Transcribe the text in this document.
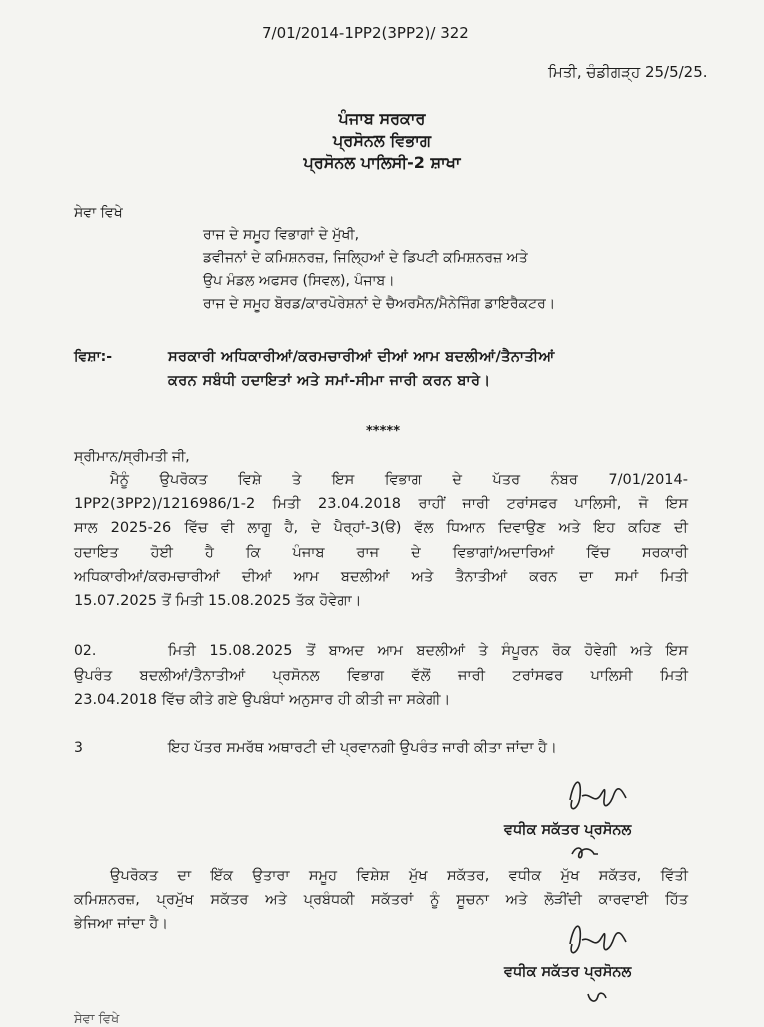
7/01/2014-1PP2(3PP2)/ 322
ਮਿਤੀ, ਚੰਡੀਗੜ੍ਹ 25/5/25.
ਪੰਜਾਬ ਸਰਕਾਰ
ਪ੍ਰਸੋਨਲ ਵਿਭਾਗ
ਪ੍ਰਸੋਨਲ ਪਾਲਿਸੀ-2 ਸ਼ਾਖਾ
ਸੇਵਾ ਵਿਖੇ
ਰਾਜ ਦੇ ਸਮੂਹ ਵਿਭਾਗਾਂ ਦੇ ਮੁੱਖੀ,
ਡਵੀਜਨਾਂ ਦੇ ਕਮਿਸ਼ਨਰਜ਼, ਜਿਲ੍ਹਿਆਂ ਦੇ ਡਿਪਟੀ ਕਮਿਸ਼ਨਰਜ਼ ਅਤੇ
ਉਪ ਮੰਡਲ ਅਫਸਰ (ਸਿਵਲ), ਪੰਜਾਬ।
ਰਾਜ ਦੇ ਸਮੂਹ ਬੋਰਡ/ਕਾਰਪੋਰੇਸ਼ਨਾਂ ਦੇ ਚੈਅਰਮੈਨ/ਮੈਨੇਜਿੰਗ ਡਾਇਰੈਕਟਰ।
ਵਿਸ਼ਾ:-	ਸਰਕਾਰੀ ਅਧਿਕਾਰੀਆਂ/ਕਰਮਚਾਰੀਆਂ ਦੀਆਂ ਆਮ ਬਦਲੀਆਂ/ਤੈਨਾਤੀਆਂ
ਕਰਨ ਸਬੰਧੀ ਹਦਾਇਤਾਂ ਅਤੇ ਸਮਾਂ-ਸੀਮਾ ਜਾਰੀ ਕਰਨ ਬਾਰੇ।
*****
ਸ੍ਰੀਮਾਨ/ਸ੍ਰੀਮਤੀ ਜੀ,
ਮੈਨੂੰ ਉਪਰੋਕਤ ਵਿਸ਼ੇ ਤੇ ਇਸ ਵਿਭਾਗ ਦੇ ਪੱਤਰ ਨੰਬਰ 7/01/2014-
1PP2(3PP2)/1216986/1-2 ਮਿਤੀ 23.04.2018 ਰਾਹੀਂ ਜਾਰੀ ਟਰਾਂਸਫਰ ਪਾਲਿਸੀ, ਜੋ ਇਸ
ਸਾਲ 2025-26 ਵਿੱਚ ਵੀ ਲਾਗੂ ਹੈ, ਦੇ ਪੈਰ੍ਹਾਂ-3(ੳ) ਵੱਲ ਧਿਆਨ ਦਿਵਾਉਣ ਅਤੇ ਇਹ ਕਹਿਣ ਦੀ
ਹਦਾਇਤ ਹੋਈ ਹੈ ਕਿ ਪੰਜਾਬ ਰਾਜ ਦੇ ਵਿਭਾਗਾਂ/ਅਦਾਰਿਆਂ ਵਿੱਚ ਸਰਕਾਰੀ
ਅਧਿਕਾਰੀਆਂ/ਕਰਮਚਾਰੀਆਂ ਦੀਆਂ ਆਮ ਬਦਲੀਆਂ ਅਤੇ ਤੈਨਾਤੀਆਂ ਕਰਨ ਦਾ ਸਮਾਂ ਮਿਤੀ
15.07.2025 ਤੋਂ ਮਿਤੀ 15.08.2025 ਤੱਕ ਹੋਵੇਗਾ।
02.	ਮਿਤੀ 15.08.2025 ਤੋਂ ਬਾਅਦ ਆਮ ਬਦਲੀਆਂ ਤੇ ਸੰਪੂਰਨ ਰੋਕ ਹੋਵੇਗੀ ਅਤੇ ਇਸ
ਉਪਰੰਤ ਬਦਲੀਆਂ/ਤੈਨਾਤੀਆਂ ਪ੍ਰਸੋਨਲ ਵਿਭਾਗ ਵੱਲੋਂ ਜਾਰੀ ਟਰਾਂਸਫਰ ਪਾਲਿਸੀ ਮਿਤੀ
23.04.2018 ਵਿੱਚ ਕੀਤੇ ਗਏ ਉਪਬੰਧਾਂ ਅਨੁਸਾਰ ਹੀ ਕੀਤੀ ਜਾ ਸਕੇਗੀ।
3	ਇਹ ਪੱਤਰ ਸਮਰੱਥ ਅਥਾਰਟੀ ਦੀ ਪ੍ਰਵਾਨਗੀ ਉਪਰੰਤ ਜਾਰੀ ਕੀਤਾ ਜਾਂਦਾ ਹੈ।
ਵਧੀਕ ਸਕੱਤਰ ਪ੍ਰਸੋਨਲ
ਉਪਰੋਕਤ ਦਾ ਇੱਕ ਉਤਾਰਾ ਸਮੂਹ ਵਿਸ਼ੇਸ਼ ਮੁੱਖ ਸਕੱਤਰ, ਵਧੀਕ ਮੁੱਖ ਸਕੱਤਰ, ਵਿੱਤੀ
ਕਮਿਸ਼ਨਰਜ਼, ਪ੍ਰਮੁੱਖ ਸਕੱਤਰ ਅਤੇ ਪ੍ਰਬੰਧਕੀ ਸਕੱਤਰਾਂ ਨੂੰ ਸੂਚਨਾ ਅਤੇ ਲੋੜੀਂਦੀ ਕਾਰਵਾਈ ਹਿੱਤ
ਭੇਜਿਆ ਜਾਂਦਾ ਹੈ।
ਵਧੀਕ ਸਕੱਤਰ ਪ੍ਰਸੋਨਲ
ਸੇਵਾ ਵਿਖੇ
